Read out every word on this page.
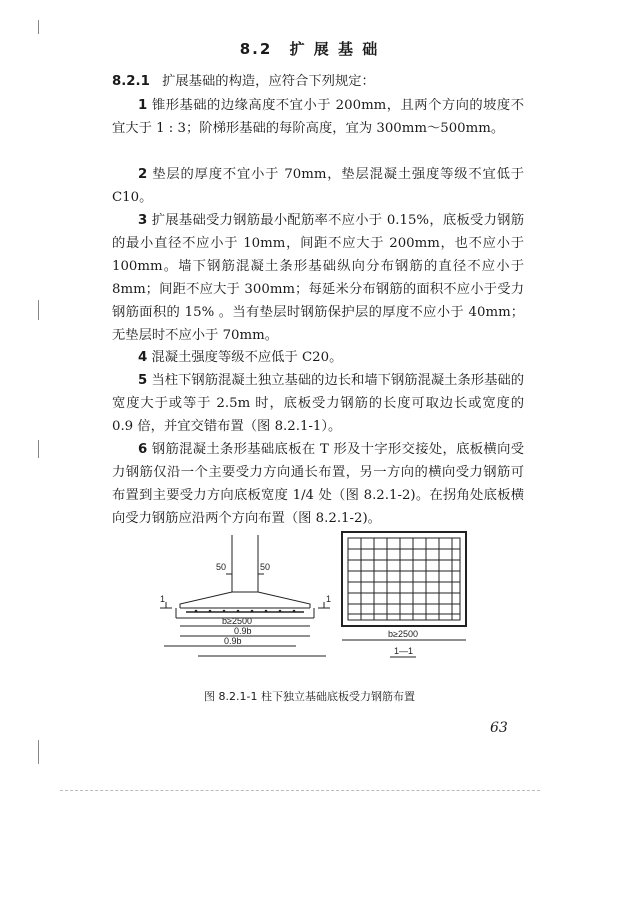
8.2 扩 展 基 础

8.2.1 扩展基础的构造，应符合下列规定：

1 锥形基础的边缘高度不宜小于 200mm，且两个方向的坡度不宜大于 1 : 3；阶梯形基础的每阶高度，宜为 300mm～500mm。

2 垫层的厚度不宜小于 70mm，垫层混凝土强度等级不宜低于 C10。

3 扩展基础受力钢筋最小配筋率不应小于 0.15%，底板受力钢筋的最小直径不应小于 10mm，间距不应大于 200mm，也不应小于 100mm。墙下钢筋混凝土条形基础纵向分布钢筋的直径不应小于 8mm；间距不应大于 300mm；每延米分布钢筋的面积不应小于受力钢筋面积的 15% 。当有垫层时钢筋保护层的厚度不应小于 40mm；无垫层时不应小于 70mm。

4 混凝土强度等级不应低于 C20。

5 当柱下钢筋混凝土独立基础的边长和墙下钢筋混凝土条形基础的宽度大于或等于 2.5m 时，底板受力钢筋的长度可取边长或宽度的 0.9 倍，并宜交错布置（图 8.2.1-1）。

6 钢筋混凝土条形基础底板在 T 形及十字形交接处，底板横向受力钢筋仅沿一个主要受力方向通长布置，另一方向的横向受力钢筋可布置到主要受力方向底板宽度 1/4 处（图 8.2.1-2)。在拐角处底板横向受力钢筋应沿两个方向布置（图 8.2.1-2)。

50	50
1	1
b≥2500
0.9b
0.9b
b≥2500
1—1
图 8.2.1-1 柱下独立基础底板受力钢筋布置
63
